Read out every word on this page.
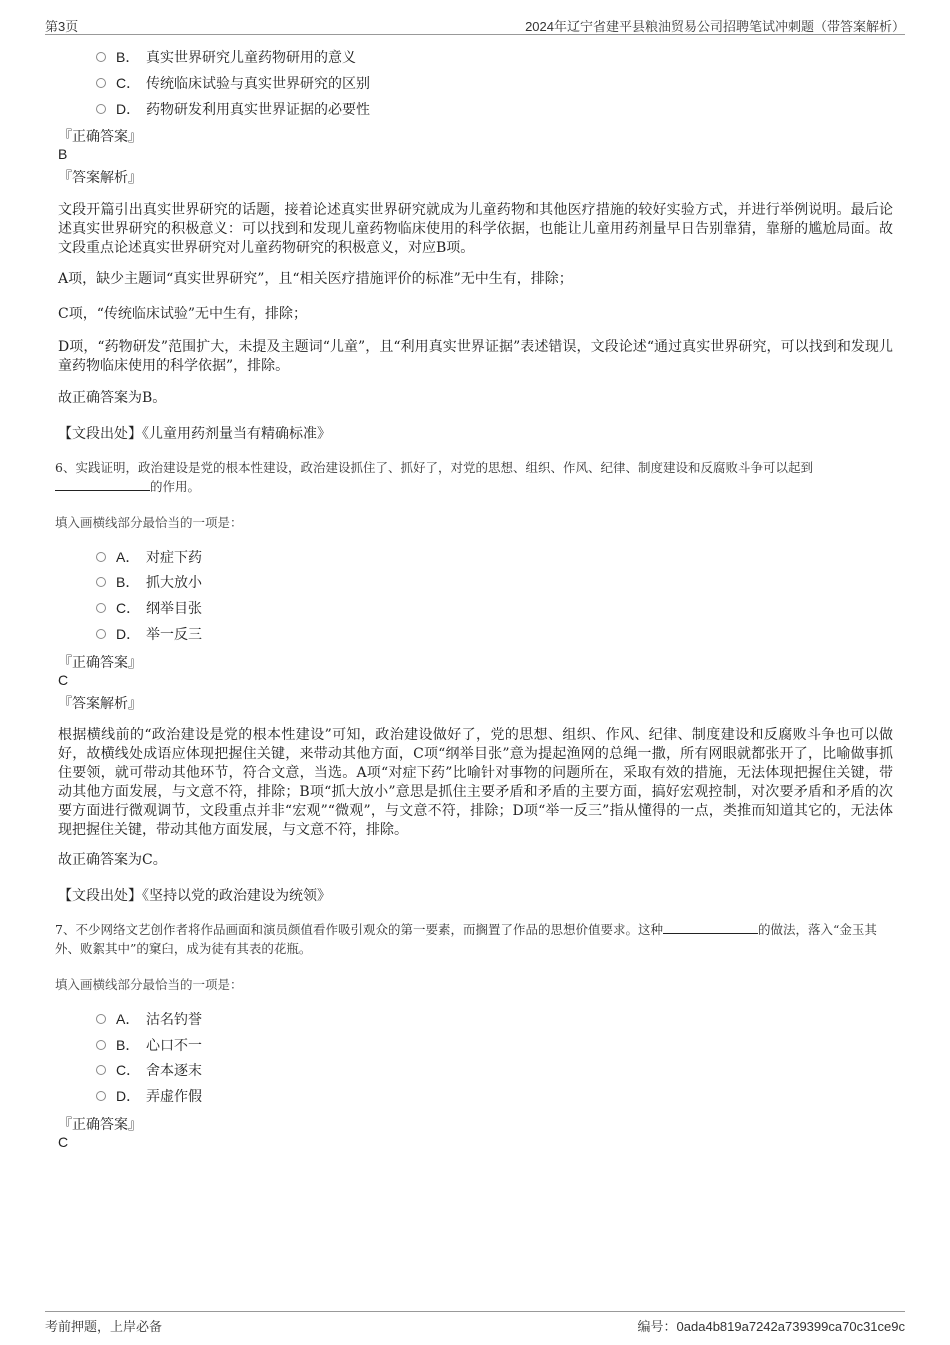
第3页	2024年辽宁省建平县粮油贸易公司招聘笔试冲刺题（带答案解析）
B． 真实世界研究儿童药物研用的意义
C． 传统临床试验与真实世界研究的区别
D． 药物研发利用真实世界证据的必要性
『正确答案』
B
『答案解析』
文段开篇引出真实世界研究的话题，接着论述真实世界研究就成为儿童药物和其他医疗措施的较好实验方式，并进行举例说明。最后论述真实世界研究的积极意义：可以找到和发现儿童药物临床使用的科学依据，也能让儿童用药剂量早日告别靠猜，靠掰的尴尬局面。故文段重点论述真实世界研究对儿童药物研究的积极意义，对应B项。
A项，缺少主题词“真实世界研究”，且“相关医疗措施评价的标准”无中生有，排除；
C项，“传统临床试验”无中生有，排除；
D项，“药物研发”范围扩大，未提及主题词“儿童”，且“利用真实世界证据”表述错误，文段论述“通过真实世界研究，可以找到和发现儿童药物临床使用的科学依据”，排除。
故正确答案为B。
【文段出处】《儿童用药剂量当有精确标准》
6、实践证明，政治建设是党的根本性建设，政治建设抓住了、抓好了，对党的思想、组织、作风、纪律、制度建设和反腐败斗争可以起到
的作用。
填入画横线部分最恰当的一项是：
A． 对症下药
B． 抓大放小
C． 纲举目张
D． 举一反三
『正确答案』
C
『答案解析』
根据横线前的“政治建设是党的根本性建设”可知，政治建设做好了，党的思想、组织、作风、纪律、制度建设和反腐败斗争也可以做好，故横线处成语应体现把握住关键，来带动其他方面，C项“纲举目张”意为提起渔网的总绳一撒，所有网眼就都张开了，比喻做事抓住要领，就可带动其他环节，符合文意，当选。A项“对症下药”比喻针对事物的问题所在，采取有效的措施，无法体现把握住关键，带动其他方面发展，与文意不符，排除；B项“抓大放小”意思是抓住主要矛盾和矛盾的主要方面，搞好宏观控制，对次要矛盾和矛盾的次要方面进行微观调节，文段重点并非“宏观”“微观”，与文意不符，排除；D项“举一反三”指从懂得的一点，类推而知道其它的，无法体现把握住关键，带动其他方面发展，与文意不符，排除。
故正确答案为C。
【文段出处】《坚持以党的政治建设为统领》
7、不少网络文艺创作者将作品画面和演员颜值看作吸引观众的第一要素，而搁置了作品的思想价值要求。这种	的做法，落入“金玉其外、败絮其中”的窠臼，成为徒有其表的花瓶。
填入画横线部分最恰当的一项是：
A． 沽名钓誉
B． 心口不一
C． 舍本逐末
D． 弄虚作假
『正确答案』
C
考前押题，上岸必备	编号：0ada4b819a7242a739399ca70c31ce9c
